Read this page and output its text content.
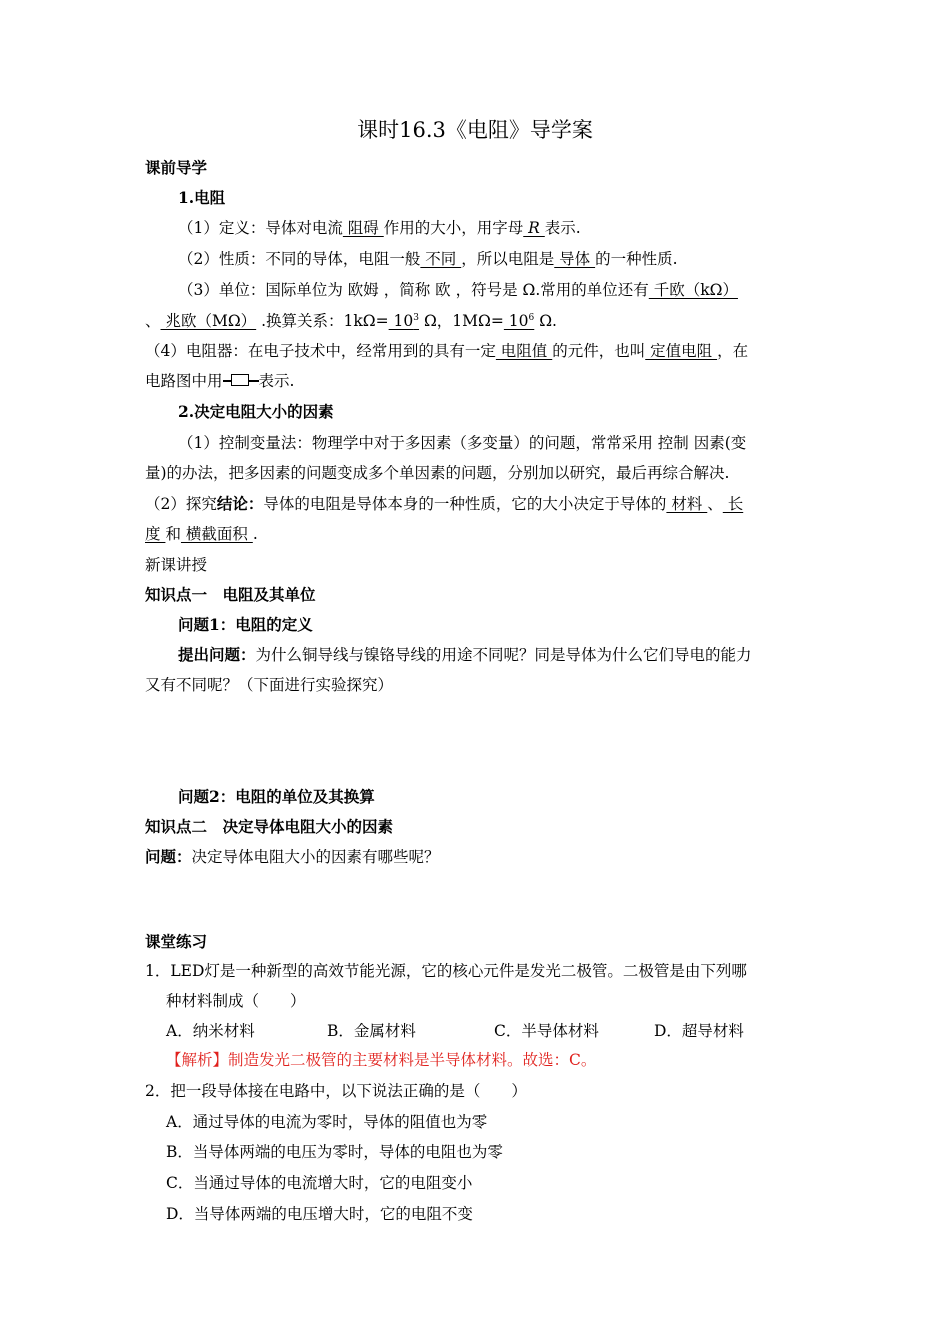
课时16.3《电阻》导学案
课前导学
1.电阻
（1）定义：导体对电流 阻碍 作用的大小，用字母 R 表示.
（2）性质：不同的导体，电阻一般 不同 ，所以电阻是 导体 的一种性质.
（3）单位：国际单位为 欧姆 ，简称 欧 ，符号是 Ω.常用的单位还有 千欧（kΩ）
、 兆欧（MΩ） .换算关系：$1k\Omega= 10^3$ Ω，$1M\Omega= 10^6$ Ω.
（4）电阻器：在电子技术中，经常用到的具有一定 电阻值 的元件，也叫 定值电阻 ，在
电路图中用 表示.
2.决定电阻大小的因素
（1）控制变量法：物理学中对于多因素（多变量）的问题，常常采用 控制 因素(变
量)的办法，把多因素的问题变成多个单因素的问题，分别加以研究，最后再综合解决.
（2）探究结论：导体的电阻是导体本身的一种性质，它的大小决定于导体的 材料 、 长
度 和 横截面积 .
新课讲授
知识点一　电阻及其单位
问题1：电阻的定义
提出问题：为什么铜导线与镍铬导线的用途不同呢？同是导体为什么它们导电的能力
又有不同呢？（下面进行实验探究）
问题2：电阻的单位及其换算
知识点二　决定导体电阻大小的因素
问题：决定导体电阻大小的因素有哪些呢？
课堂练习
1．LED灯是一种新型的高效节能光源，它的核心元件是发光二极管。二极管是由下列哪
种材料制成（　　）
A．纳米材料	B．金属材料	C．半导体材料	D．超导材料
【解析】制造发光二极管的主要材料是半导体材料。故选：C。
2．把一段导体接在电路中，以下说法正确的是（　　）
A．通过导体的电流为零时，导体的阻值也为零
B．当导体两端的电压为零时，导体的电阻也为零
C．当通过导体的电流增大时，它的电阻变小
D．当导体两端的电压增大时，它的电阻不变
